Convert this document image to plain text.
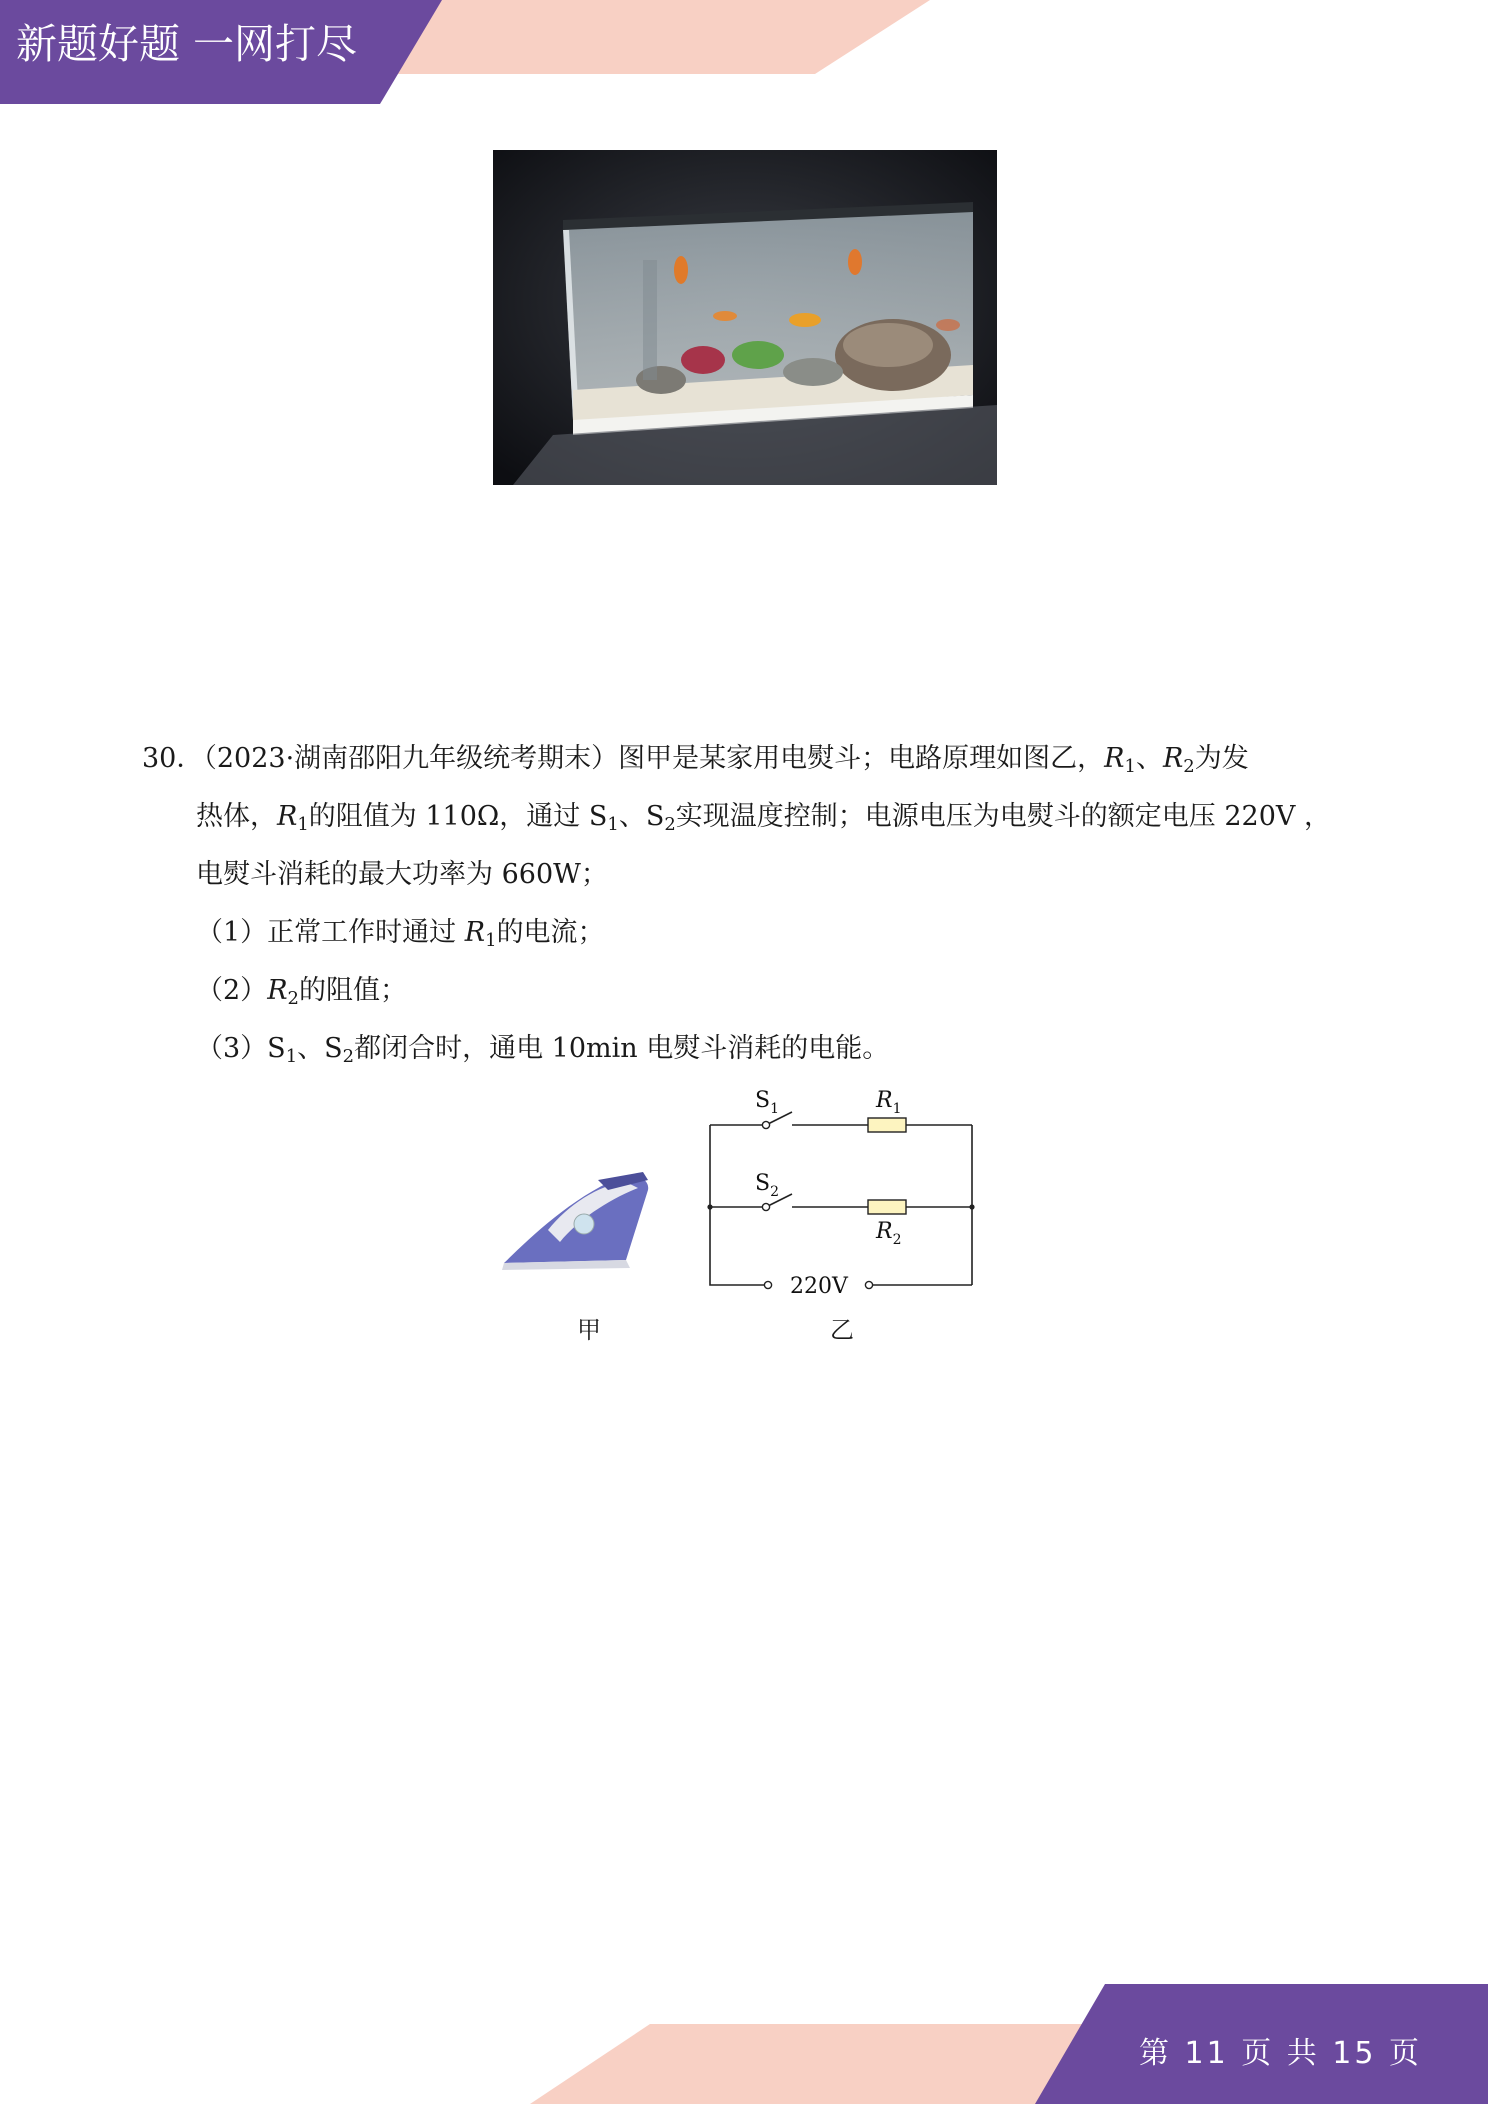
新题好题 一网打尽
30．（2023·湖南邵阳九年级统考期末）图甲是某家用电熨斗；电路原理如图乙，$R_1$、$R_2$为发
热体，$R_1$的阻值为 110Ω，通过 $S_1$、$S_2$实现温度控制；电源电压为电熨斗的额定电压 220V ，
电熨斗消耗的最大功率为 660W；
（1）正常工作时通过 $R_1$的电流；
$(2)R_2$的阻值；
$(3)S_1$、$S_2$都闭合时，通电 10min 电熨斗消耗的电能。
$S_1$	$R_1$
$S_2$
$R_2$
220V
甲	乙
第 11 页 共 15 页
